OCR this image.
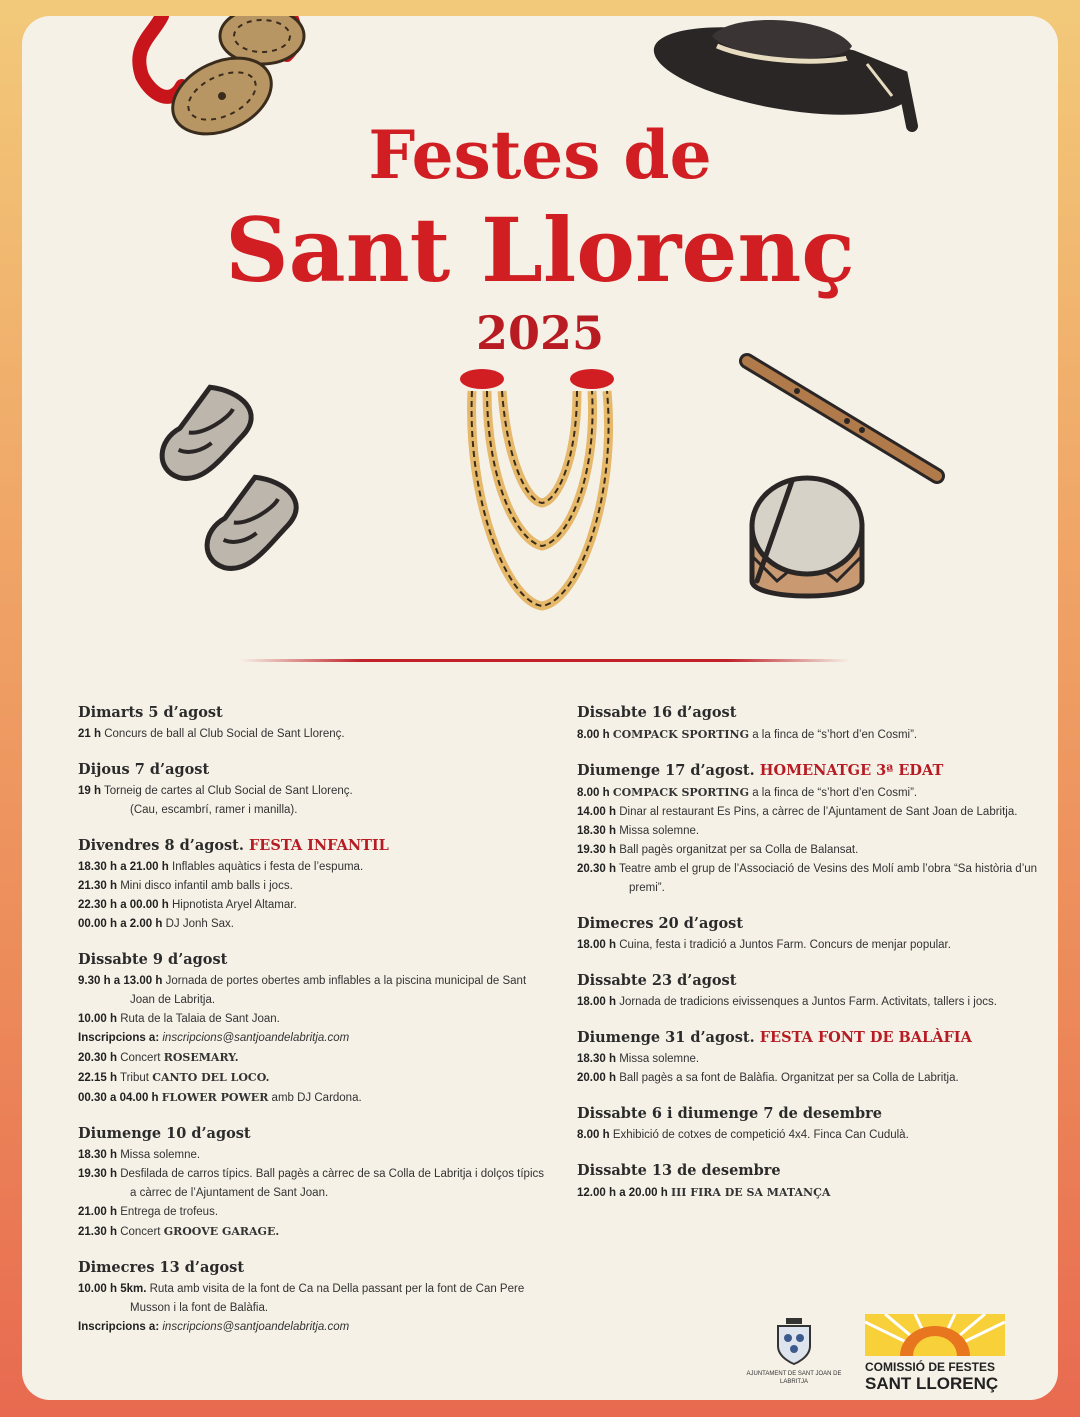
Festes de
Sant Llorenç
2025
Dimarts 5 d’agost
21 h Concurs de ball al Club Social de Sant Llorenç.
Dijous 7 d’agost
19 h Torneig de cartes al Club Social de Sant Llorenç.
(Cau, escambrí, ramer i manilla).
Divendres 8 d’agost. FESTA INFANTIL
18.30 h a 21.00 h Inflables aquàtics i festa de l’espuma.
21.30 h Mini disco infantil amb balls i jocs.
22.30 h a 00.00 h Hipnotista Aryel Altamar.
00.00 h a 2.00 h DJ Jonh Sax.
Dissabte 9 d’agost
9.30 h a 13.00 h Jornada de portes obertes amb inflables a la piscina municipal de Sant Joan de Labritja.
10.00 h Ruta de la Talaia de Sant Joan.
Inscripcions a: inscripcions@santjoandelabritja.com
20.30 h Concert ROSEMARY.
22.15 h Tribut CANTO DEL LOCO.
00.30 a 04.00 h FLOWER POWER amb DJ Cardona.
Diumenge 10 d’agost
18.30 h Missa solemne.
19.30 h Desfilada de carros típics. Ball pagès a càrrec de sa Colla de Labritja i dolços típics a càrrec de l’Ajuntament de Sant Joan.
21.00 h Entrega de trofeus.
21.30 h Concert GROOVE GARAGE.
Dimecres 13 d’agost
10.00 h 5km. Ruta amb visita de la font de Ca na Della passant per la font de Can Pere Musson i la font de Balàfia.
Inscripcions a: inscripcions@santjoandelabritja.com
Dissabte 16 d’agost
8.00 h COMPACK SPORTING a la finca de “s’hort d’en Cosmi”.
Diumenge 17 d’agost. HOMENATGE 3ª EDAT
8.00 h COMPACK SPORTING a la finca de “s’hort d’en Cosmi”.
14.00 h Dinar al restaurant Es Pins, a càrrec de l’Ajuntament de Sant Joan de Labritja.
18.30 h Missa solemne.
19.30 h Ball pagès organitzat per sa Colla de Balansat.
20.30 h Teatre amb el grup de l’Associació de Vesins des Molí amb l’obra “Sa història d’un premi”.
Dimecres 20 d’agost
18.00 h Cuina, festa i tradició a Juntos Farm. Concurs de menjar popular.
Dissabte 23 d’agost
18.00 h Jornada de tradicions eivissenques a Juntos Farm. Activitats, tallers i jocs.
Diumenge 31 d’agost. FESTA FONT DE BALÀFIA
18.30 h Missa solemne.
20.00 h Ball pagès a sa font de Balàfia. Organitzat per sa Colla de Labritja.
Dissabte 6 i diumenge 7 de desembre
8.00 h Exhibició de cotxes de competició 4x4. Finca Can Cudulà.
Dissabte 13 de desembre
12.00 h a 20.00 h III FIRA DE SA MATANÇA
AJUNTAMENT DE SANT JOAN DE LABRITJA
COMISSIÓ DE FESTES
SANT LLORENÇ
